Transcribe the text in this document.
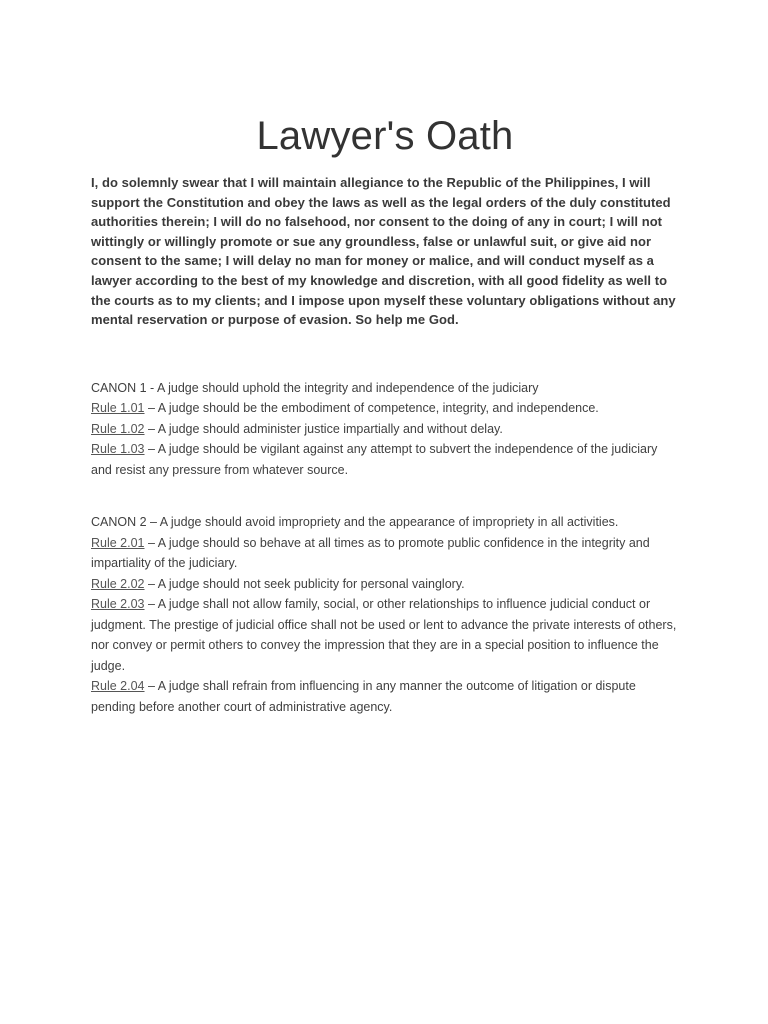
Lawyer's Oath

I, do solemnly swear that I will maintain allegiance to the Republic of the Philippines, I will support the Constitution and obey the laws as well as the legal orders of the duly constituted authorities therein; I will do no falsehood, nor consent to the doing of any in court; I will not wittingly or willingly promote or sue any groundless, false or unlawful suit, or give aid nor consent to the same; I will delay no man for money or malice, and will conduct myself as a lawyer according to the best of my knowledge and discretion, with all good fidelity as well to the courts as to my clients; and I impose upon myself these voluntary obligations without any mental reservation or purpose of evasion. So help me God.

CANON 1 - A judge should uphold the integrity and independence of the judiciary

Rule 1.01 – A judge should be the embodiment of competence, integrity, and independence.

Rule 1.02 – A judge should administer justice impartially and without delay.

Rule 1.03 – A judge should be vigilant against any attempt to subvert the independence of the judiciary and resist any pressure from whatever source.

CANON 2 – A judge should avoid impropriety and the appearance of impropriety in all activities.

Rule 2.01 – A judge should so behave at all times as to promote public confidence in the integrity and impartiality of the judiciary.

Rule 2.02 – A judge should not seek publicity for personal vainglory.

Rule 2.03 – A judge shall not allow family, social, or other relationships to influence judicial conduct or judgment. The prestige of judicial office shall not be used or lent to advance the private interests of others, nor convey or permit others to convey the impression that they are in a special position to influence the judge.

Rule 2.04 – A judge shall refrain from influencing in any manner the outcome of litigation or dispute pending before another court of administrative agency.
